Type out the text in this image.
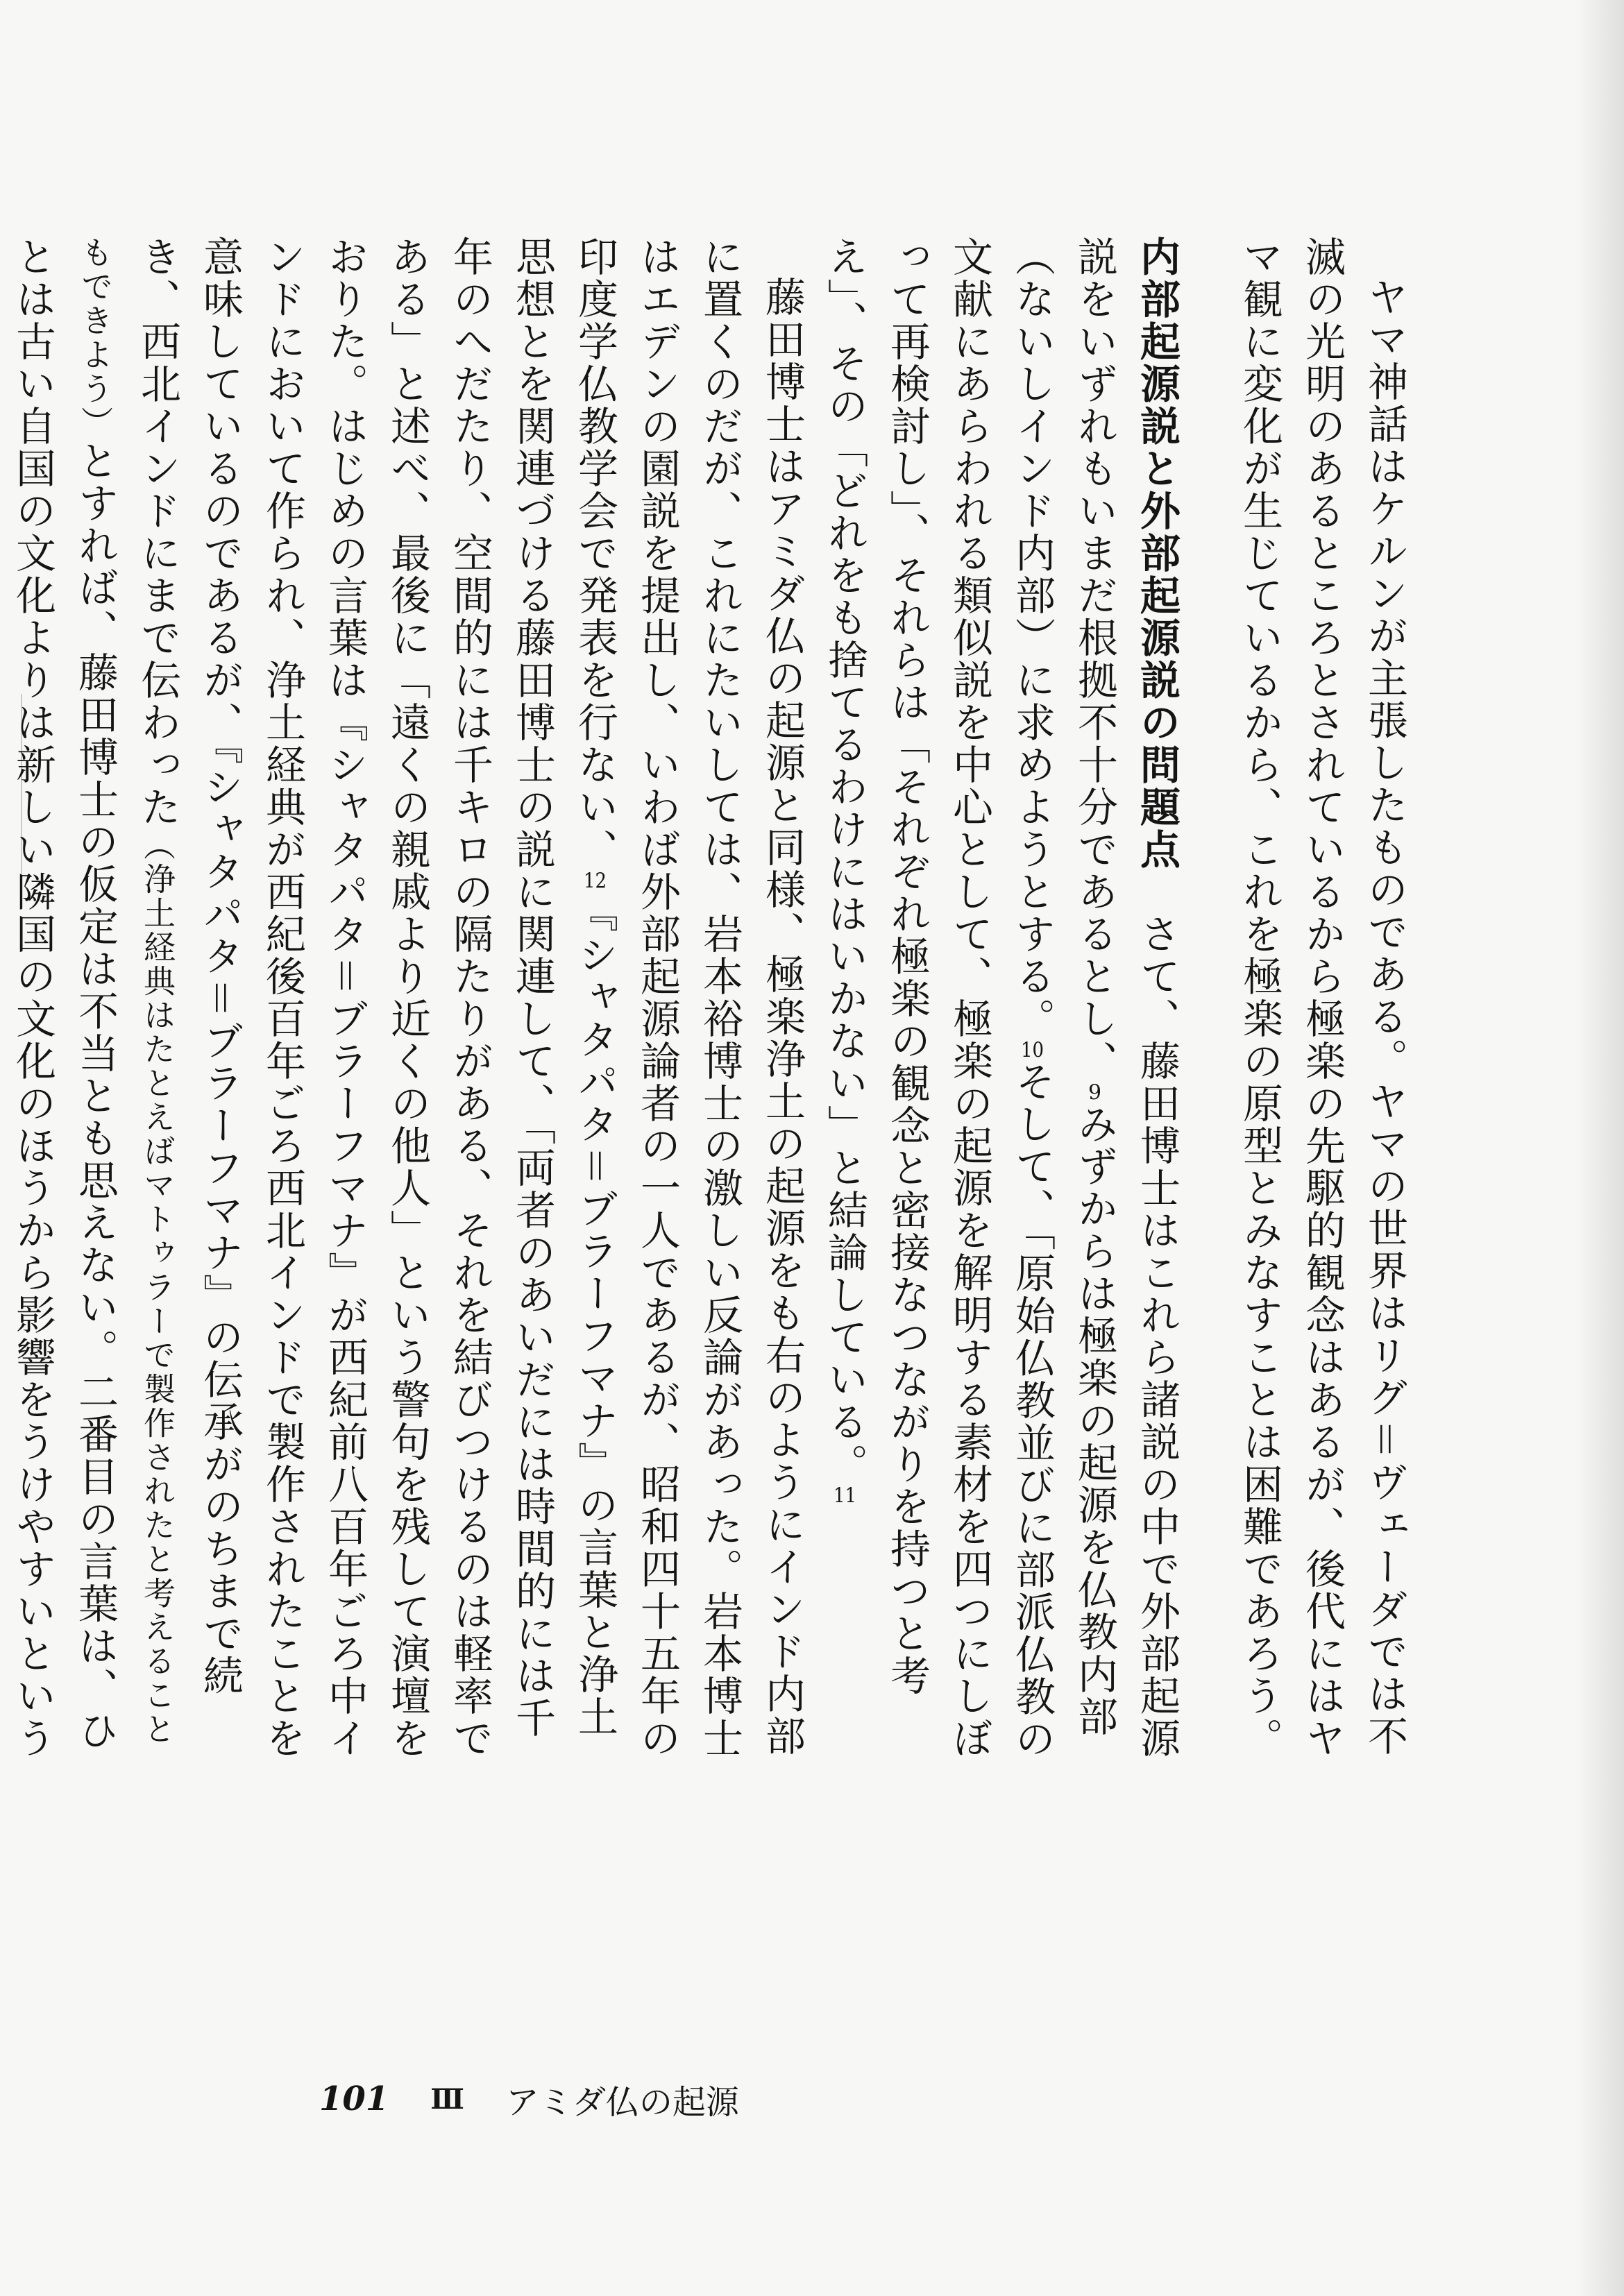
ヤマ神話はケルンが主張したものである。ヤマの世界はリグ＝ヴェーダでは不滅の光明のあるところとされているから極楽の先駆的観念はあるが、後代にはヤマ観に変化が生じているから、これを極楽の原型とみなすことは困難であろう。

内部起源説と外部起源説の問題点　さて、藤田博士はこれら諸説の中で外部起源説をいずれもいまだ根拠不十分であるとし、9みずからは極楽の起源を仏教内部（ないしインド内部）に求めようとする。10そして、「原始仏教並びに部派仏教の文献にあらわれる類似説を中心として、極楽の起源を解明する素材を四つにしぼって再検討し」、それらは「それぞれ極楽の観念と密接なつながりを持つと考え」、その「どれをも捨てるわけにはいかない」と結論している。11

藤田博士はアミダ仏の起源と同様、極楽浄土の起源をも右のようにインド内部に置くのだが、これにたいしては、岩本裕博士の激しい反論があった。岩本博士はエデンの園説を提出し、いわば外部起源論者の一人であるが、昭和四十五年の印度学仏教学会で発表を行ない、12『シャタパタ＝ブラーフマナ』の言葉と浄土思想とを関連づける藤田博士の説に関連して、「両者のあいだには時間的には千年のへだたり、空間的には千キロの隔たりがある、それを結びつけるのは軽率である」と述べ、最後に「遠くの親戚より近くの他人」という警句を残して演壇をおりた。はじめの言葉は『シャタパタ＝ブラーフマナ』が西紀前八百年ごろ中インドにおいて作られ、浄土経典が西紀後百年ごろ西北インドで製作されたことを意味しているのであるが、『シャタパタ＝ブラーフマナ』の伝承がのちまで続き、西北インドにまで伝わった（浄土経典はたとえばマトゥラーで製作されたと考えることもできよう）とすれば、藤田博士の仮定は不当とも思えない。二番目の言葉は、ひとは古い自国の文化よりは新しい隣国の文化のほうから影響をうけやすいという

101 Ⅲ アミダ仏の起源
